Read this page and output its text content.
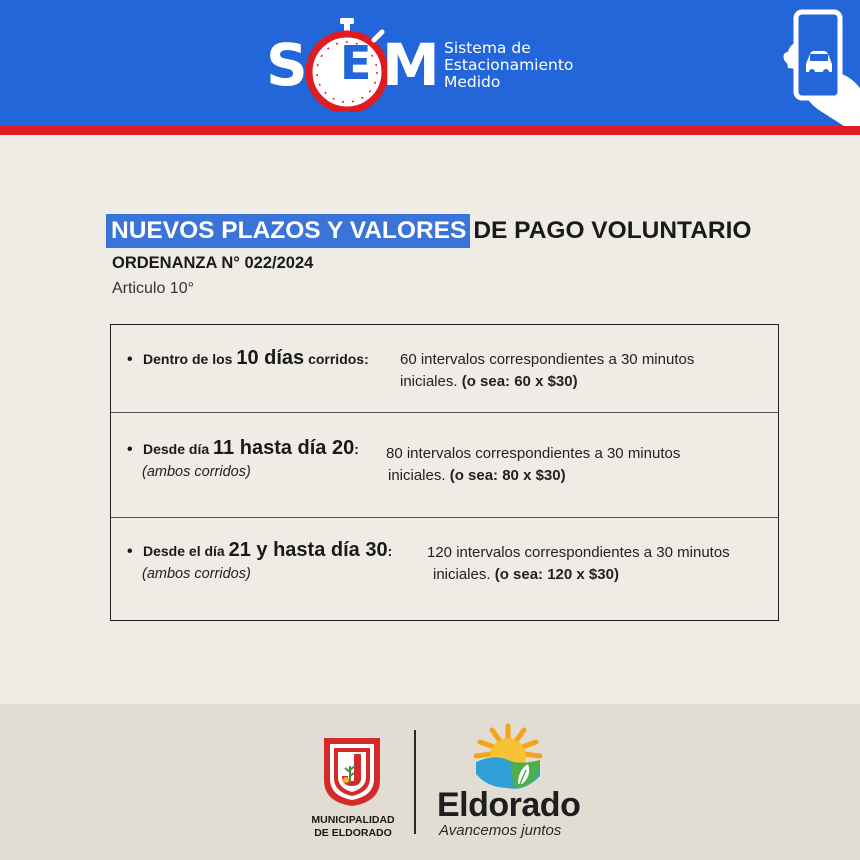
S E M Sistema de
Estacionamiento
Medido
NUEVOS PLAZOS Y VALORES DE PAGO VOLUNTARIO
ORDENANZA N° 022/2024
Articulo 10°
• Dentro de los 10 días corridos: 60 intervalos correspondientes a 30 minutos
iniciales. (o sea: 60 x $30)
• Desde día 11 hasta día 20:
(ambos corridos)
80 intervalos correspondientes a 30 minutos
iniciales. (o sea: 80 x $30)
• Desde el día 21 y hasta día 30:
(ambos corridos)
120 intervalos correspondientes a 30 minutos
iniciales. (o sea: 120 x $30)
MUNICIPALIDAD
DE ELDORADO
Eldorado
Avancemos juntos
